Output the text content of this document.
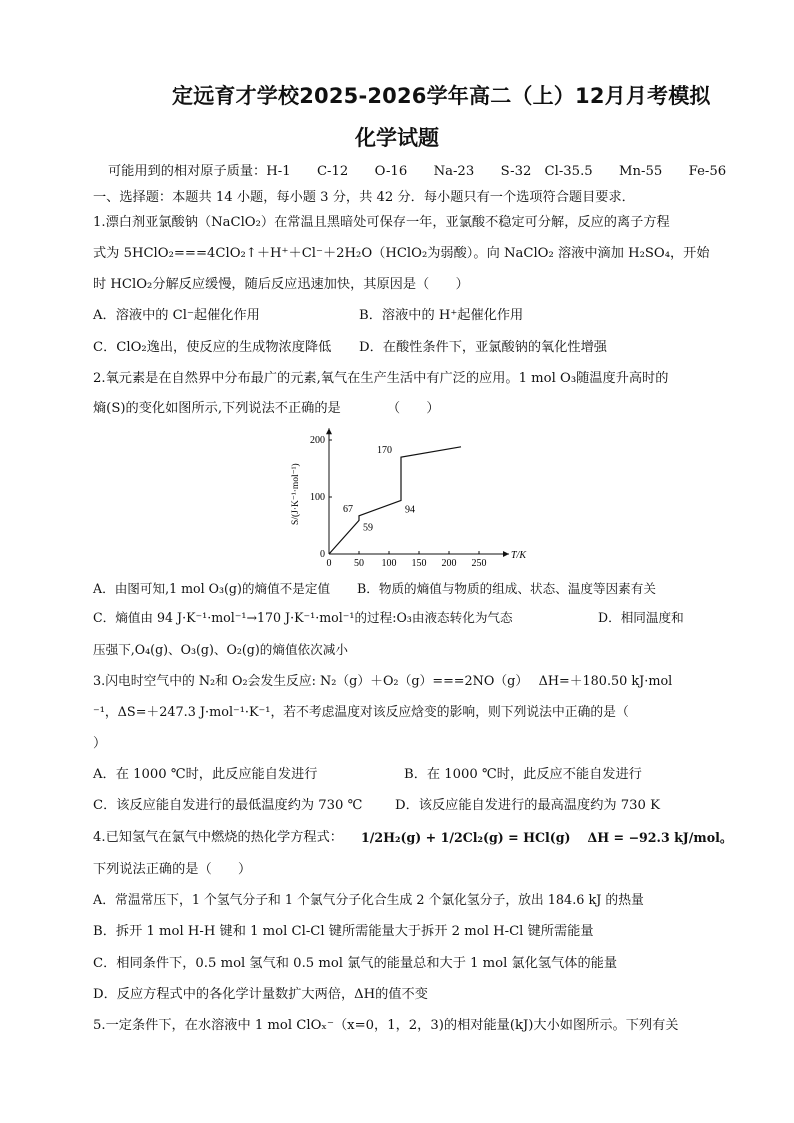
定远育才学校2025-2026学年高二（上）12月月考模拟
化学试题
可能用到的相对原子质量：H-1　　C-12　　O-16　　Na-23　　S-32　Cl-35.5　　Mn-55　　Fe-56
一、选择题：本题共 14 小题，每小题 3 分，共 42 分．每小题只有一个选项符合题目要求．
1.漂白剂亚氯酸钠（NaClO₂）在常温且黑暗处可保存一年，亚氯酸不稳定可分解，反应的离子方程
式为 5HClO₂===4ClO₂↑＋H⁺＋Cl⁻＋2H₂O（HClO₂为弱酸）。向 NaClO₂ 溶液中滴加 H₂SO₄，开始
时 HClO₂分解反应缓慢，随后反应迅速加快，其原因是（　　）
A．溶液中的 Cl⁻起催化作用	B．溶液中的 H⁺起催化作用
C．ClO₂逸出，使反应的生成物浓度降低 D．在酸性条件下，亚氯酸钠的氧化性增强
2.氧元素是在自然界中分布最广的元素,氧气在生产生活中有广泛的应用。1 mol O₃随温度升高时的
熵(S)的变化如图所示,下列说法不正确的是　　　　（　　）
0 50 100 150 200 250
0
100
200
T/K
S/(J·K⁻¹·mol⁻¹)
59
67	94
170
A．由图可知,1 mol O₃(g)的熵值不是定值 B．物质的熵值与物质的组成、状态、温度等因素有关
C．熵值由 94 J·K⁻¹·mol⁻¹→170 J·K⁻¹·mol⁻¹的过程:O₃由液态转化为气态	D．相同温度和
压强下,O₄(g)、O₃(g)、O₂(g)的熵值依次减小
3.闪电时空气中的 N₂和 O₂会发生反应: N₂（g）＋O₂（g）===2NO（g）　 ΔH=＋180.50 kJ·mol
⁻¹，ΔS=＋247.3 J·mol⁻¹·K⁻¹，若不考虑温度对该反应焓变的影响，则下列说法中正确的是（
）
A．在 1000 ℃时，此反应能自发进行	B．在 1000 ℃时，此反应不能自发进行
C．该反应能自发进行的最低温度约为 730 ℃ D．该反应能自发进行的最高温度约为 730 K
4.已知氢气在氯气中燃烧的热化学方程式： 1/2H₂(g) + 1/2Cl₂(g) = HCl(g)　 ΔH = −92.3 kJ/mol。
下列说法正确的是（　　）
A．常温常压下，1 个氢气分子和 1 个氯气分子化合生成 2 个氯化氢分子，放出 184.6 kJ 的热量
B．拆开 1 mol H-H 键和 1 mol Cl-Cl 键所需能量大于拆开 2 mol H-Cl 键所需能量
C．相同条件下，0.5 mol 氢气和 0.5 mol 氯气的能量总和大于 1 mol 氯化氢气体的能量
D．反应方程式中的各化学计量数扩大两倍，ΔH的值不变
5.一定条件下，在水溶液中 1 mol ClOₓ⁻（x=0，1，2，3)的相对能量(kJ)大小如图所示。下列有关
